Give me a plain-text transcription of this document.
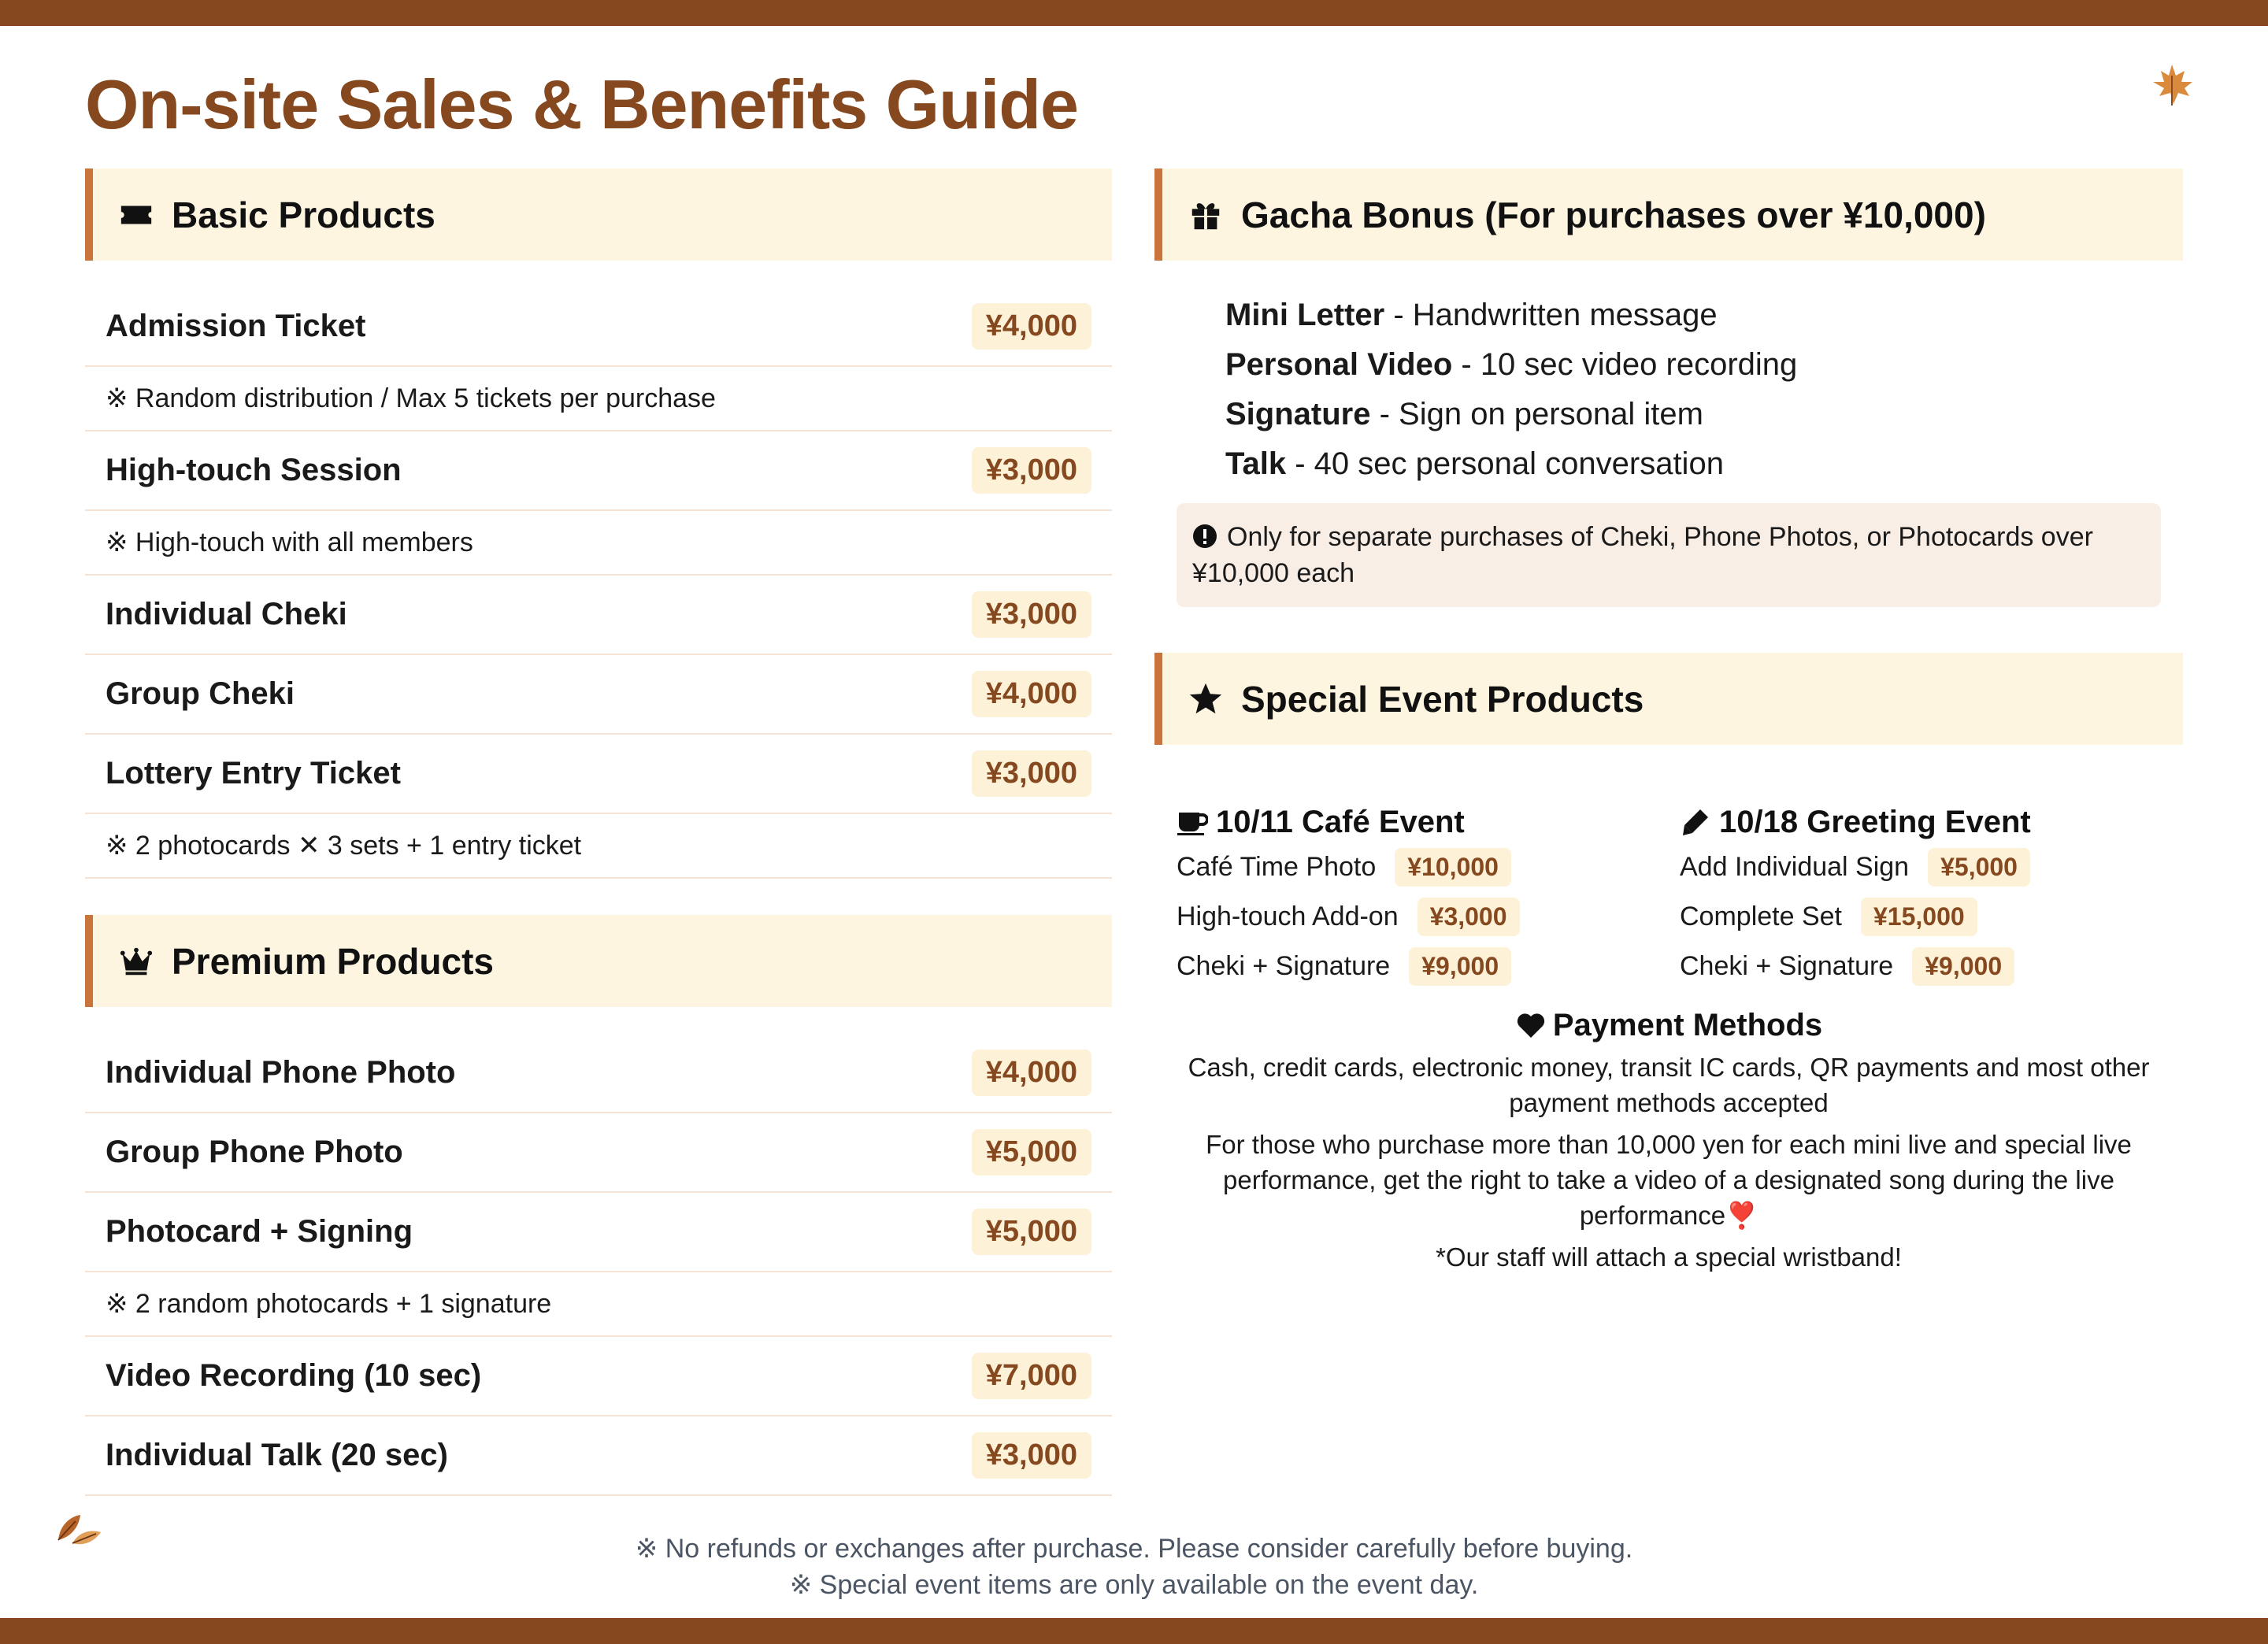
On-site Sales & Benefits Guide
Basic Products
Admission Ticket	¥4,000
※ Random distribution / Max 5 tickets per purchase
High-touch Session	¥3,000
※ High-touch with all members
Individual Cheki	¥3,000
Group Cheki	¥4,000
Lottery Entry Ticket	¥3,000
※ 2 photocards ✕ 3 sets + 1 entry ticket
Premium Products
Individual Phone Photo	¥4,000
Group Phone Photo	¥5,000
Photocard + Signing	¥5,000
※ 2 random photocards + 1 signature
Video Recording (10 sec)	¥7,000
Individual Talk (20 sec)	¥3,000
Gacha Bonus (For purchases over ¥10,000)
Mini Letter - Handwritten message
Personal Video - 10 sec video recording
Signature - Sign on personal item
Talk - 40 sec personal conversation
Only for separate purchases of Cheki, Phone Photos, or Photocards over ¥10,000 each
Special Event Products
10/11 Café Event
Café Time Photo	¥10,000
High-touch Add-on	¥3,000
Cheki + Signature	¥9,000
10/18 Greeting Event
Add Individual Sign	¥5,000
Complete Set	¥15,000
Cheki + Signature	¥9,000
Payment Methods

Cash, credit cards, electronic money, transit IC cards, QR payments and most other payment methods accepted

For those who purchase more than 10,000 yen for each mini live and special live performance, get the right to take a video of a designated song during the live performance❣️

*Our staff will attach a special wristband!

※ No refunds or exchanges after purchase. Please consider carefully before buying.
※ Special event items are only available on the event day.
